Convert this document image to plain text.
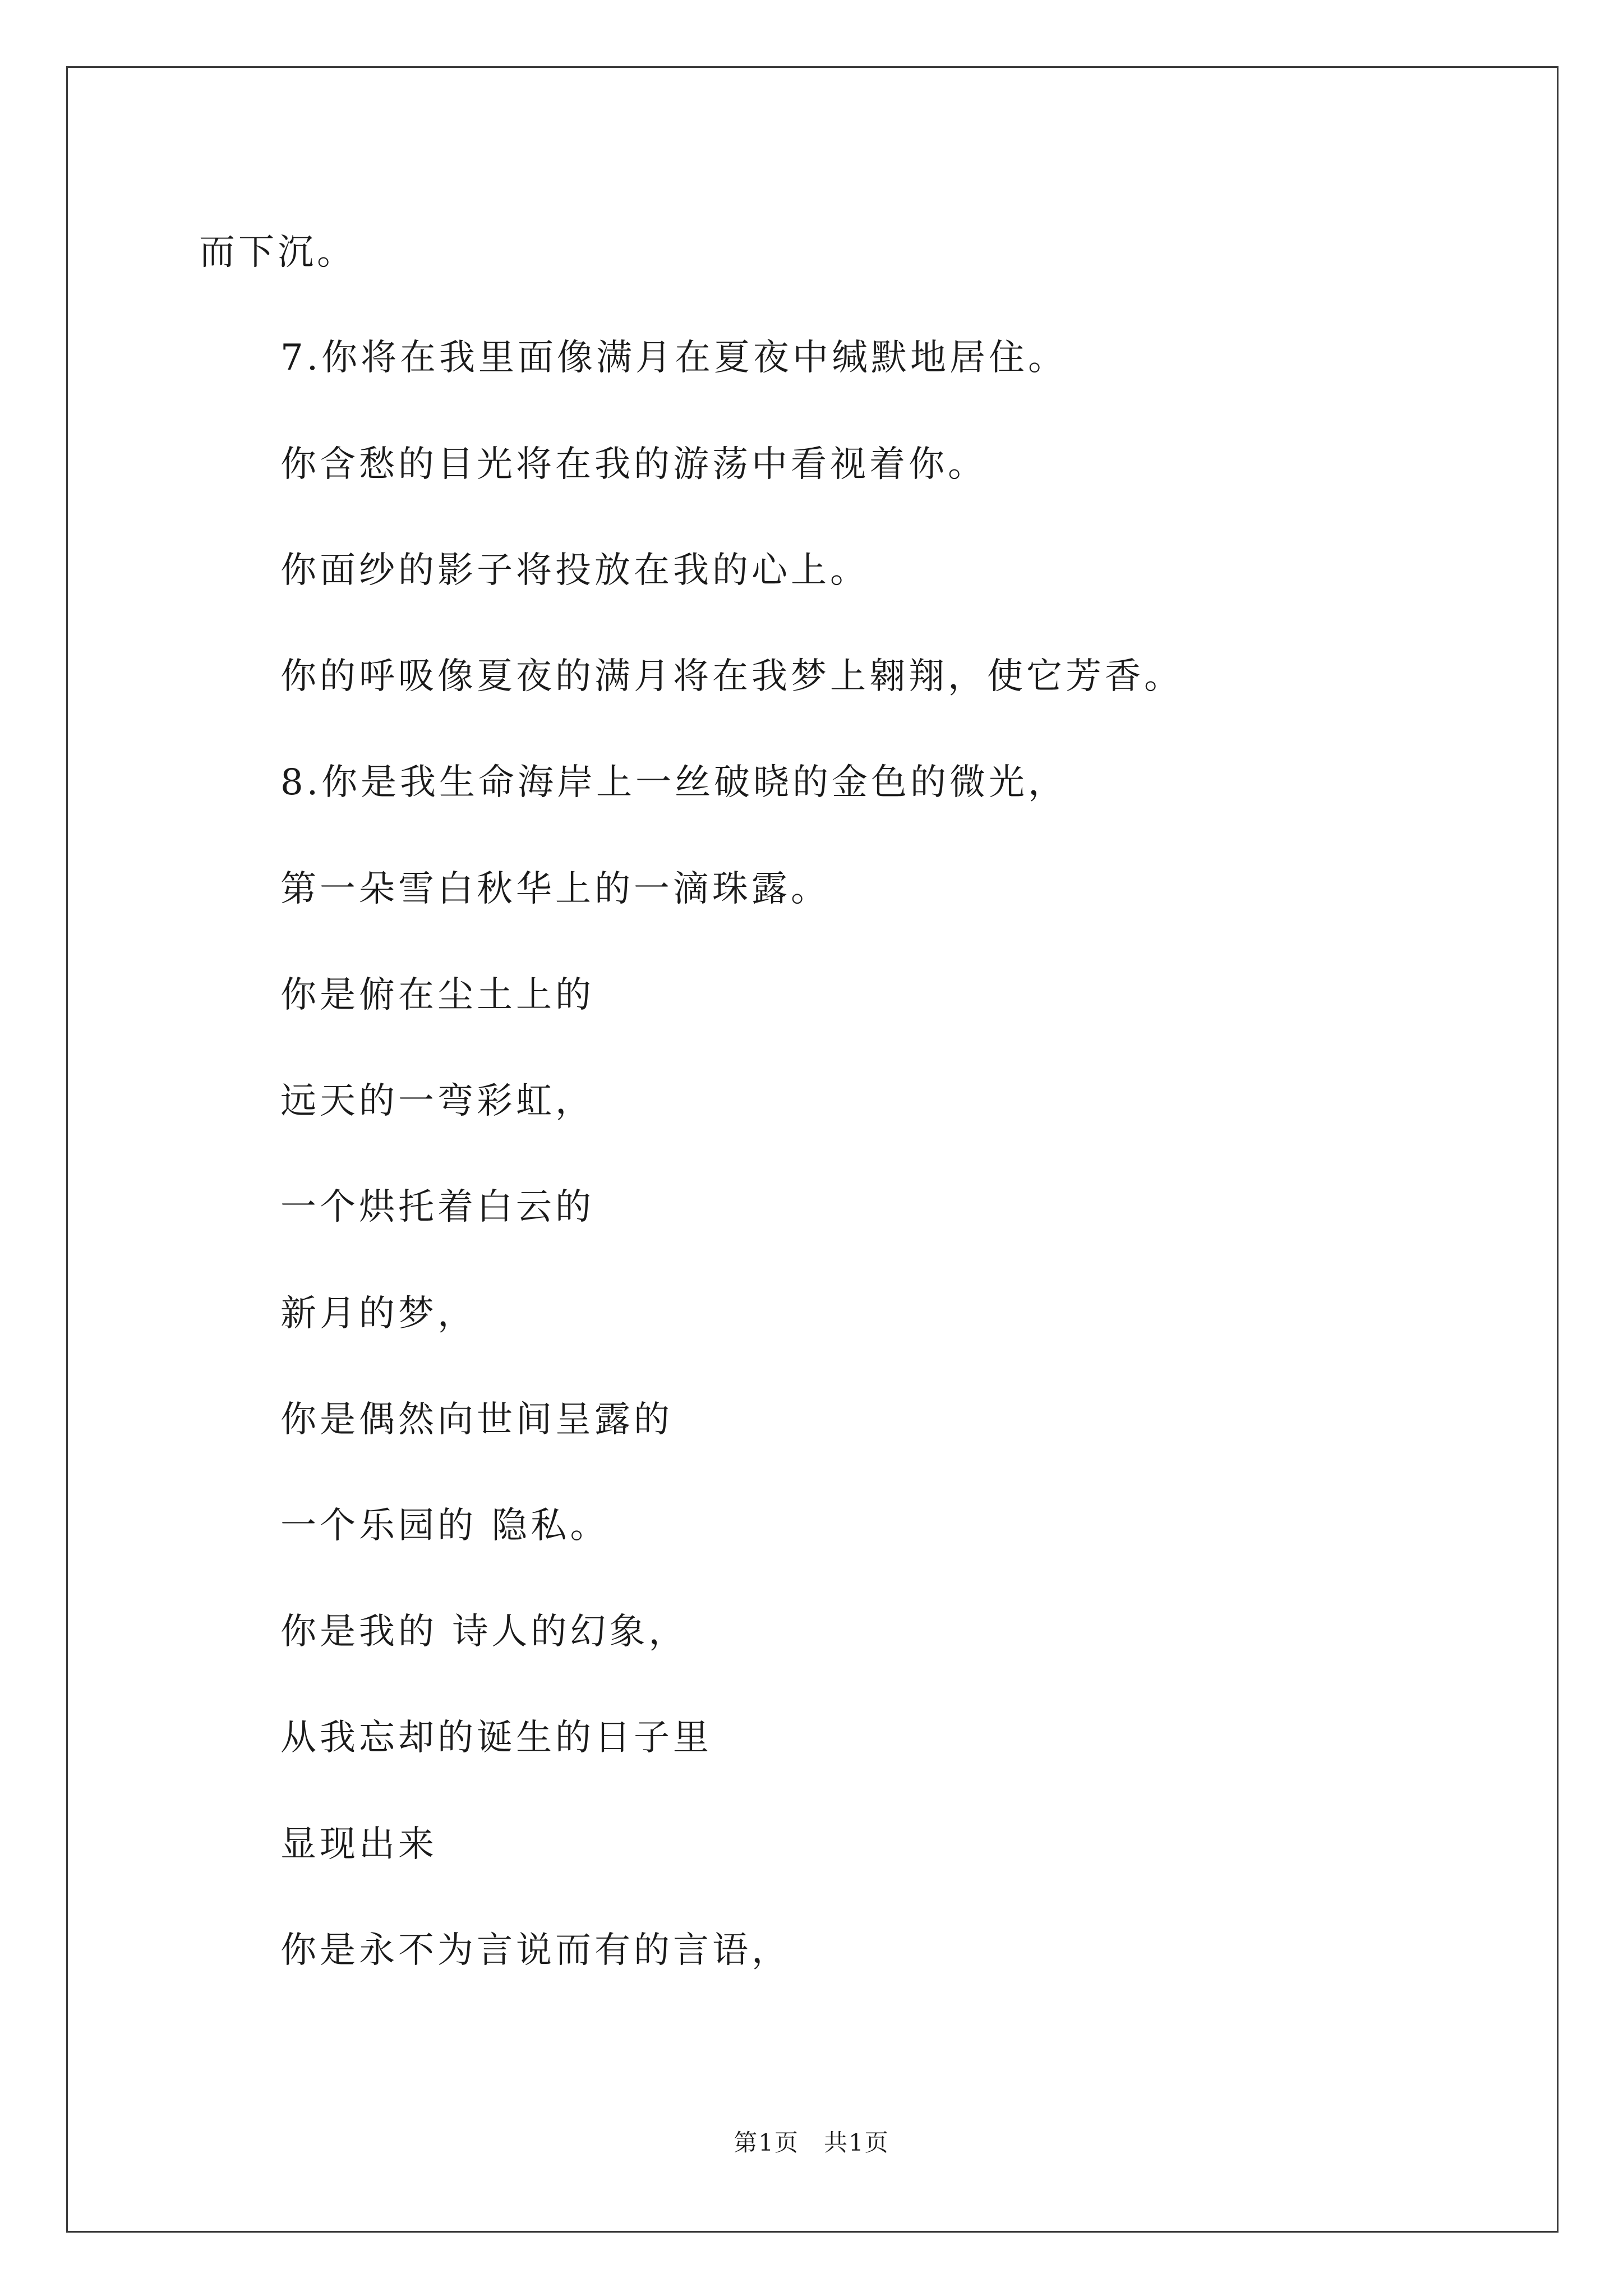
而下沉。
7.你将在我里面像满月在夏夜中缄默地居住。
你含愁的目光将在我的游荡中看视着你。
你面纱的影子将投放在我的心上。
你的呼吸像夏夜的满月将在我梦上翱翔，使它芳香。
8.你是我生命海岸上一丝破晓的金色的微光，
第一朵雪白秋华上的一滴珠露。
你是俯在尘土上的
远天的一弯彩虹，
一个烘托着白云的
新月的梦，
你是偶然向世间呈露的
一个乐园的 隐私。
你是我的 诗人的幻象，
从我忘却的诞生的日子里
显现出来
你是永不为言说而有的言语，
第1页　共1页
